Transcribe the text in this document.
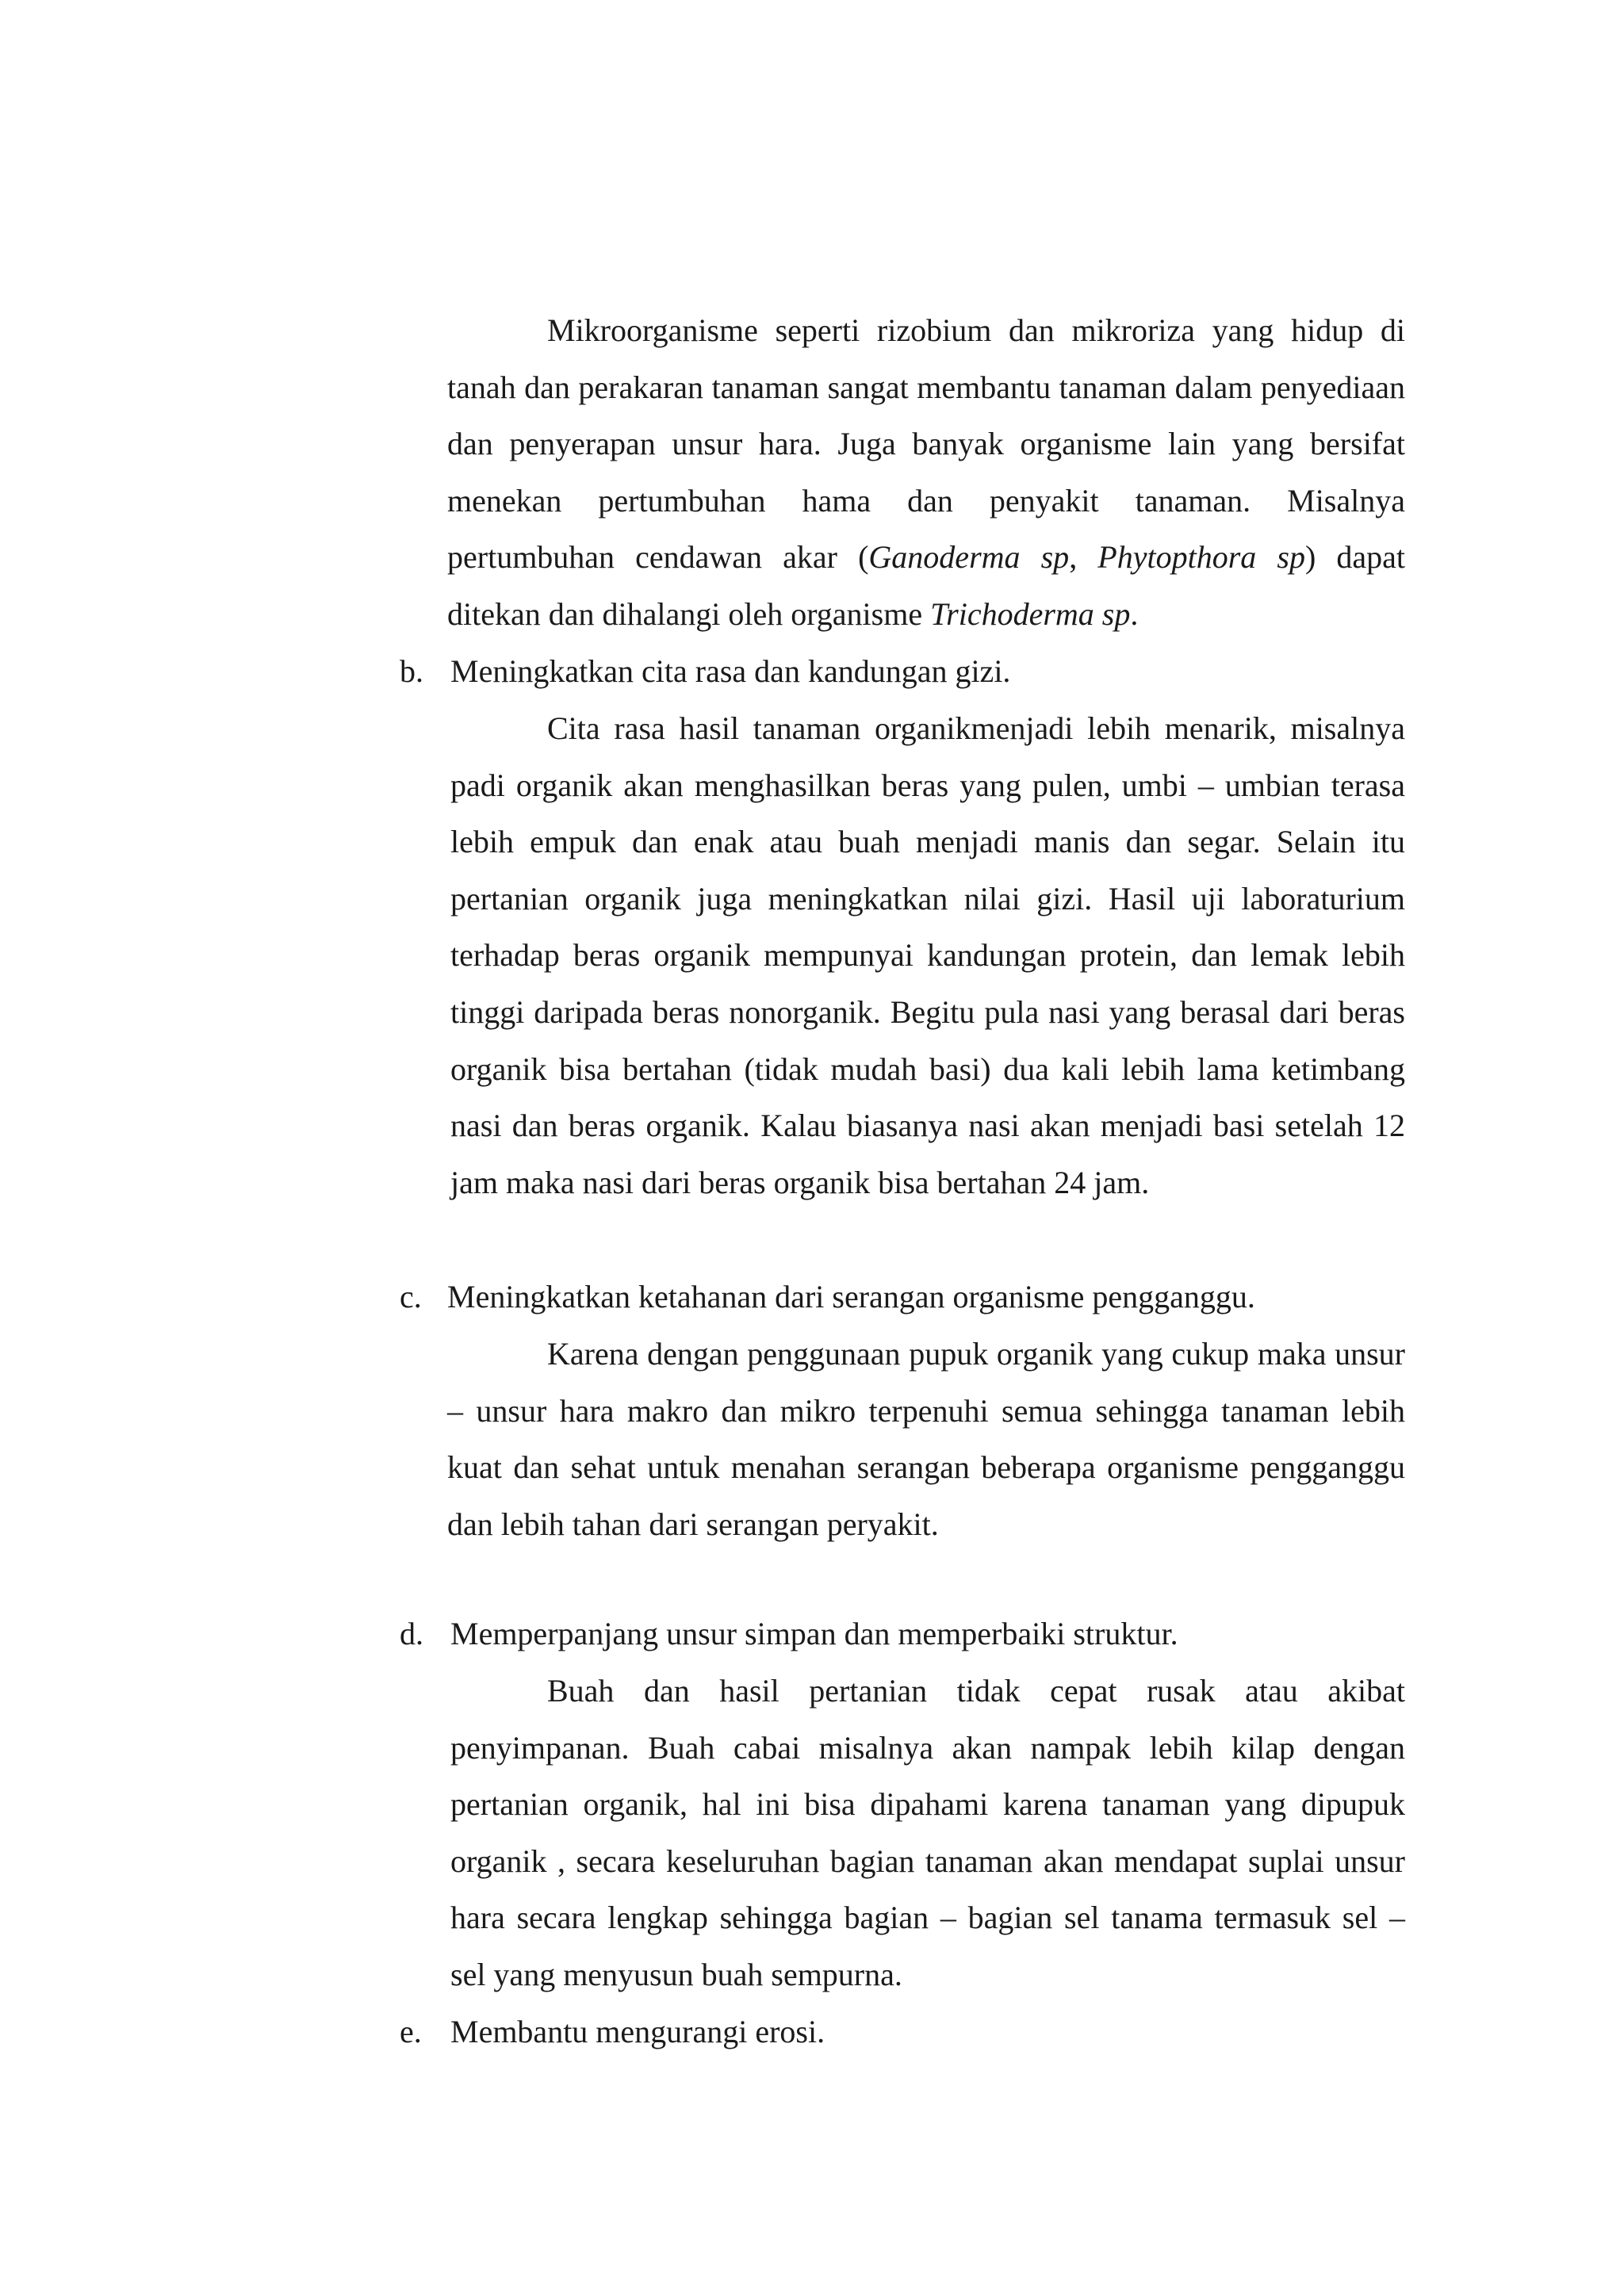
Mikroorganisme seperti rizobium dan mikroriza yang hidup di tanah dan perakaran tanaman sangat membantu tanaman dalam penyediaan dan penyerapan unsur hara. Juga banyak organisme lain yang bersifat menekan pertumbuhan hama dan penyakit tanaman. Misalnya pertumbuhan cendawan akar (Ganoderma sp, Phytopthora sp) dapat ditekan dan dihalangi oleh organisme Trichoderma sp.

b. Meningkatkan cita rasa dan kandungan gizi.

Cita rasa hasil tanaman organikmenjadi lebih menarik, misalnya padi organik akan menghasilkan beras yang pulen, umbi – umbian terasa lebih empuk dan enak atau buah menjadi manis dan segar. Selain itu pertanian organik juga meningkatkan nilai gizi. Hasil uji laboraturium terhadap beras organik mempunyai kandungan protein, dan lemak lebih tinggi daripada beras nonorganik. Begitu pula nasi yang berasal dari beras organik bisa bertahan (tidak mudah basi) dua kali lebih lama ketimbang nasi dan beras organik. Kalau biasanya nasi akan menjadi basi setelah 12 jam maka nasi dari beras organik bisa bertahan 24 jam.

c. Meningkatkan ketahanan dari serangan organisme pengganggu.

Karena dengan penggunaan pupuk organik yang cukup maka unsur – unsur hara makro dan mikro terpenuhi semua sehingga tanaman lebih kuat dan sehat untuk menahan serangan beberapa organisme pengganggu dan lebih tahan dari serangan peryakit.

d. Memperpanjang unsur simpan dan memperbaiki struktur.

Buah dan hasil pertanian tidak cepat rusak atau akibat penyimpanan. Buah cabai misalnya akan nampak lebih kilap dengan pertanian organik, hal ini bisa dipahami karena tanaman yang dipupuk organik , secara keseluruhan bagian tanaman akan mendapat suplai unsur hara secara lengkap sehingga bagian – bagian sel tanama termasuk sel – sel yang menyusun buah sempurna.

e. Membantu mengurangi erosi.
